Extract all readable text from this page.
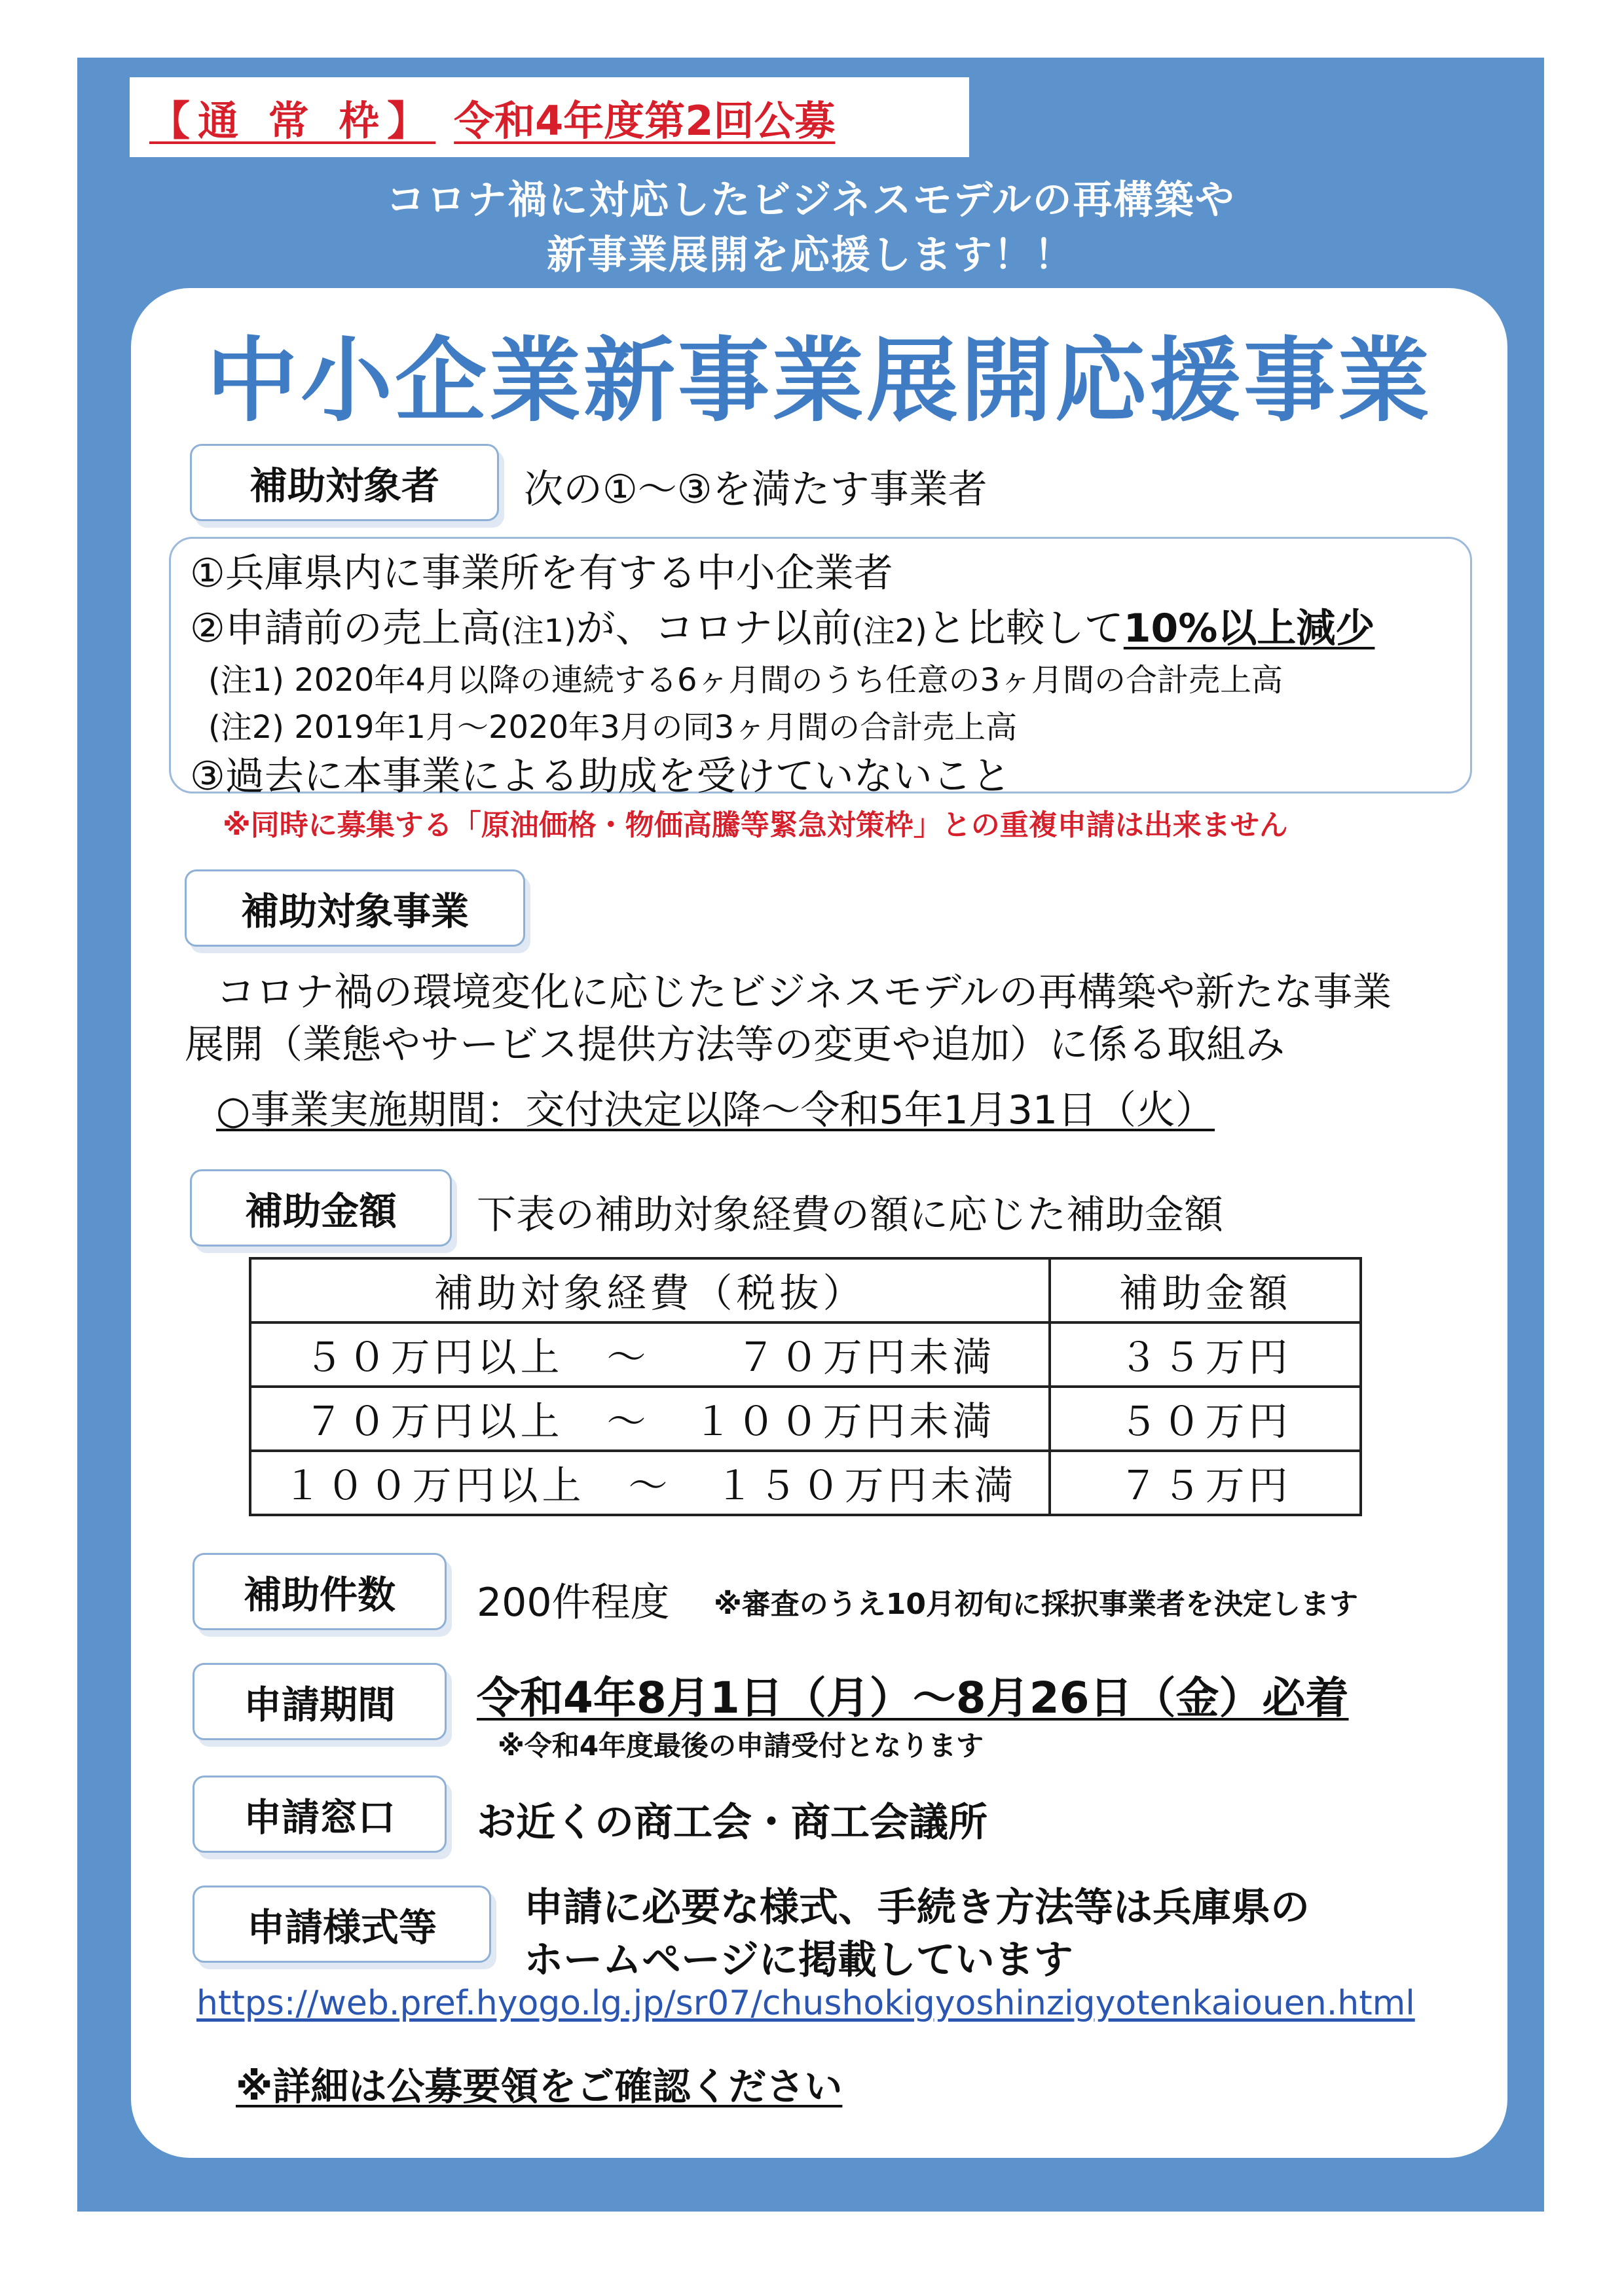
【通 常 枠】 令和4年度第2回公募
コロナ禍に対応したビジネスモデルの再構築や
新事業展開を応援します！！
中小企業新事業展開応援事業
補助対象者	次の①～③を満たす事業者
①兵庫県内に事業所を有する中小企業者
②申請前の売上高(注1)が、コロナ以前(注2)と比較して10%以上減少
(注1) 2020年4月以降の連続する6ヶ月間のうち任意の3ヶ月間の合計売上高
(注2) 2019年1月～2020年3月の同3ヶ月間の合計売上高
③過去に本事業による助成を受けていないこと
※同時に募集する「原油価格・物価高騰等緊急対策枠」との重複申請は出来ません
補助対象事業
コロナ禍の環境変化に応じたビジネスモデルの再構築や新たな事業
展開（業態やサービス提供方法等の変更や追加）に係る取組み
○事業実施期間：交付決定以降～令和5年1月31日（火）
補助金額	下表の補助対象経費の額に応じた補助金額
補助対象経費（税抜）	補助金額
５０万円以上　～　　７０万円未満	３５万円
７０万円以上　～　１００万円未満	５０万円
１００万円以上　～　１５０万円未満	７５万円
補助件数	200件程度 ※審査のうえ10月初旬に採択事業者を決定します
申請期間	令和4年8月1日（月）～8月26日（金）必着
※令和4年度最後の申請受付となります
申請窓口	お近くの商工会・商工会議所
申請様式等	申請に必要な様式、手続き方法等は兵庫県の
ホームページに掲載しています
https://web.pref.hyogo.lg.jp/sr07/chushokigyoshinzigyotenkaiouen.html
※詳細は公募要領をご確認ください
